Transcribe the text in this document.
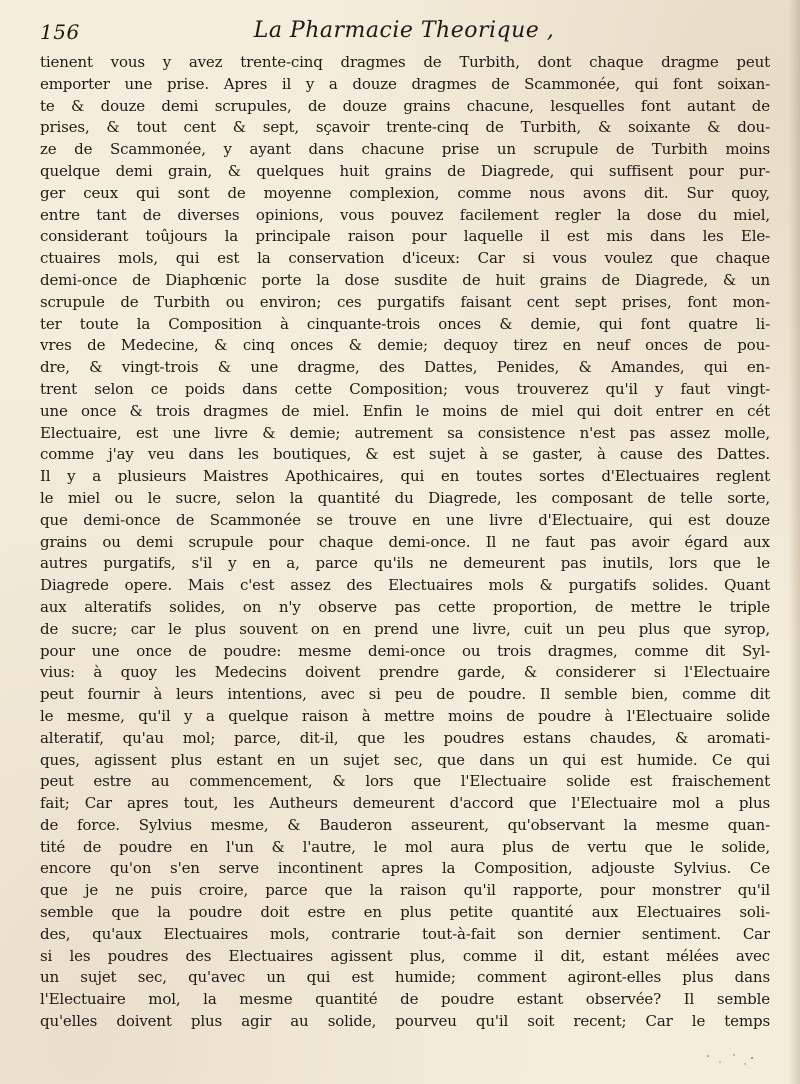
156	La Pharmacie Theorique ,
tienent vous y avez trente-cinq dragmes de Turbith, dont chaque dragme peut
emporter une prise. Apres il y a douze dragmes de Scammonée, qui font soixan-
te & douze demi scrupules, de douze grains chacune, lesquelles font autant de
prises, & tout cent & sept, sçavoir trente-cinq de Turbith, & soixante & dou-
ze de Scammonée, y ayant dans chacune prise un scrupule de Turbith moins
quelque demi grain, & quelques huit grains de Diagrede, qui suffisent pour pur-
ger ceux qui sont de moyenne complexion, comme nous avons dit. Sur quoy,
entre tant de diverses opinions, vous pouvez facilement regler la dose du miel,
considerant toûjours la principale raison pour laquelle il est mis dans les Ele-
ctuaires mols, qui est la conservation d'iceux: Car si vous voulez que chaque
demi-once de Diaphœnic porte la dose susdite de huit grains de Diagrede, & un
scrupule de Turbith ou environ; ces purgatifs faisant cent sept prises, font mon-
ter toute la Composition à cinquante-trois onces & demie, qui font quatre li-
vres de Medecine, & cinq onces & demie; dequoy tirez en neuf onces de pou-
dre, & vingt-trois & une dragme, des Dattes, Penides, & Amandes, qui en-
trent selon ce poids dans cette Composition; vous trouverez qu'il y faut vingt-
une once & trois dragmes de miel. Enfin le moins de miel qui doit entrer en cét
Electuaire, est une livre & demie; autrement sa consistence n'est pas assez molle,
comme j'ay veu dans les boutiques, & est sujet à se gaster, à cause des Dattes.
Il y a plusieurs Maistres Apothicaires, qui en toutes sortes d'Electuaires reglent
le miel ou le sucre, selon la quantité du Diagrede, les composant de telle sorte,
que demi-once de Scammonée se trouve en une livre d'Electuaire, qui est douze
grains ou demi scrupule pour chaque demi-once. Il ne faut pas avoir égard aux
autres purgatifs, s'il y en a, parce qu'ils ne demeurent pas inutils, lors que le
Diagrede opere. Mais c'est assez des Electuaires mols & purgatifs solides. Quant
aux alteratifs solides, on n'y observe pas cette proportion, de mettre le triple
de sucre; car le plus souvent on en prend une livre, cuit un peu plus que syrop,
pour une once de poudre: mesme demi-once ou trois dragmes, comme dit Syl-
vius: à quoy les Medecins doivent prendre garde, & considerer si l'Electuaire
peut fournir à leurs intentions, avec si peu de poudre. Il semble bien, comme dit
le mesme, qu'il y a quelque raison à mettre moins de poudre à l'Electuaire solide
alteratif, qu'au mol; parce, dit-il, que les poudres estans chaudes, & aromati-
ques, agissent plus estant en un sujet sec, que dans un qui est humide. Ce qui
peut estre au commencement, & lors que l'Electuaire solide est fraischement
fait; Car apres tout, les Autheurs demeurent d'accord que l'Electuaire mol a plus
de force. Sylvius mesme, & Bauderon asseurent, qu'observant la mesme quan-
tité de poudre en l'un & l'autre, le mol aura plus de vertu que le solide,
encore qu'on s'en serve incontinent apres la Composition, adjouste Sylvius. Ce
que je ne puis croire, parce que la raison qu'il rapporte, pour monstrer qu'il
semble que la poudre doit estre en plus petite quantité aux Electuaires soli-
des, qu'aux Electuaires mols, contrarie tout-à-fait son dernier sentiment. Car
si les poudres des Electuaires agissent plus, comme il dit, estant mélées avec
un sujet sec, qu'avec un qui est humide; comment agiront-elles plus dans
l'Electuaire mol, la mesme quantité de poudre estant observée? Il semble
qu'elles doivent plus agir au solide, pourveu qu'il soit recent; Car le temps
